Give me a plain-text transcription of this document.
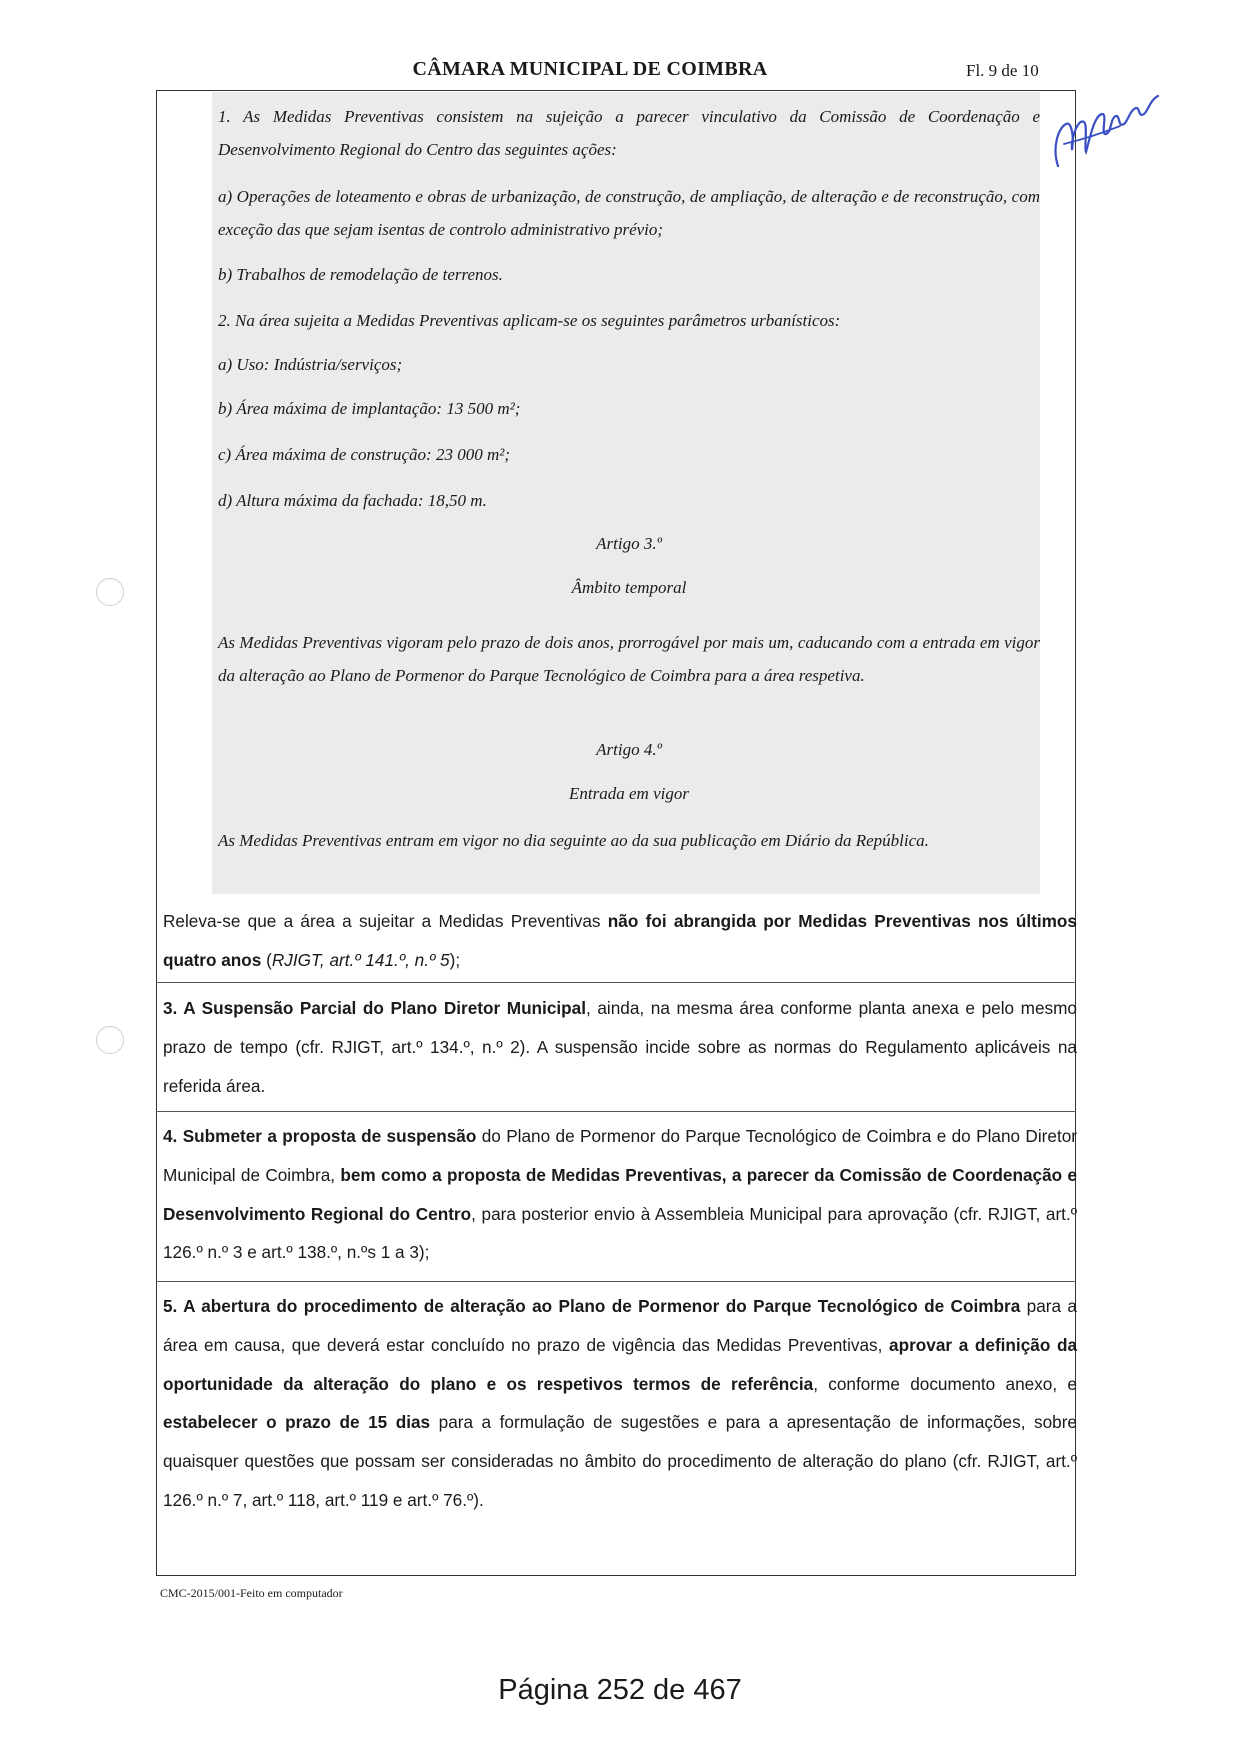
CÂMARA MUNICIPAL DE COIMBRA	Fl. 9 de 10
1. As Medidas Preventivas consistem na sujeição a parecer vinculativo da Comissão de Coordenação e Desenvolvimento Regional do Centro das seguintes ações:
a) Operações de loteamento e obras de urbanização, de construção, de ampliação, de alteração e de reconstrução, com exceção das que sejam isentas de controlo administrativo prévio;
b) Trabalhos de remodelação de terrenos.
2. Na área sujeita a Medidas Preventivas aplicam-se os seguintes parâmetros urbanísticos:
a) Uso: Indústria/serviços;
b) Área máxima de implantação: 13 500 m²;
c) Área máxima de construção: 23 000 m²;
d) Altura máxima da fachada: 18,50 m.
Artigo 3.º
Âmbito temporal
As Medidas Preventivas vigoram pelo prazo de dois anos, prorrogável por mais um, caducando com a entrada em vigor da alteração ao Plano de Pormenor do Parque Tecnológico de Coimbra para a área respetiva.
Artigo 4.º
Entrada em vigor
As Medidas Preventivas entram em vigor no dia seguinte ao da sua publicação em Diário da República.
Releva-se que a área a sujeitar a Medidas Preventivas não foi abrangida por Medidas Preventivas nos últimos quatro anos (RJIGT, art.º 141.º, n.º 5);
3. A Suspensão Parcial do Plano Diretor Municipal, ainda, na mesma área conforme planta anexa e pelo mesmo prazo de tempo (cfr. RJIGT, art.º 134.º, n.º 2). A suspensão incide sobre as normas do Regulamento aplicáveis na referida área.
4. Submeter a proposta de suspensão do Plano de Pormenor do Parque Tecnológico de Coimbra e do Plano Diretor Municipal de Coimbra, bem como a proposta de Medidas Preventivas, a parecer da Comissão de Coordenação e Desenvolvimento Regional do Centro, para posterior envio à Assembleia Municipal para aprovação (cfr. RJIGT, art.º 126.º n.º 3 e art.º 138.º, n.ºs 1 a 3);
5. A abertura do procedimento de alteração ao Plano de Pormenor do Parque Tecnológico de Coimbra para a área em causa, que deverá estar concluído no prazo de vigência das Medidas Preventivas, aprovar a definição da oportunidade da alteração do plano e os respetivos termos de referência, conforme documento anexo, e estabelecer o prazo de 15 dias para a formulação de sugestões e para a apresentação de informações, sobre quaisquer questões que possam ser consideradas no âmbito do procedimento de alteração do plano (cfr. RJIGT, art.º 126.º n.º 7, art.º 118, art.º 119 e art.º 76.º).
CMC-2015/001-Feito em computador
Página 252 de 467
